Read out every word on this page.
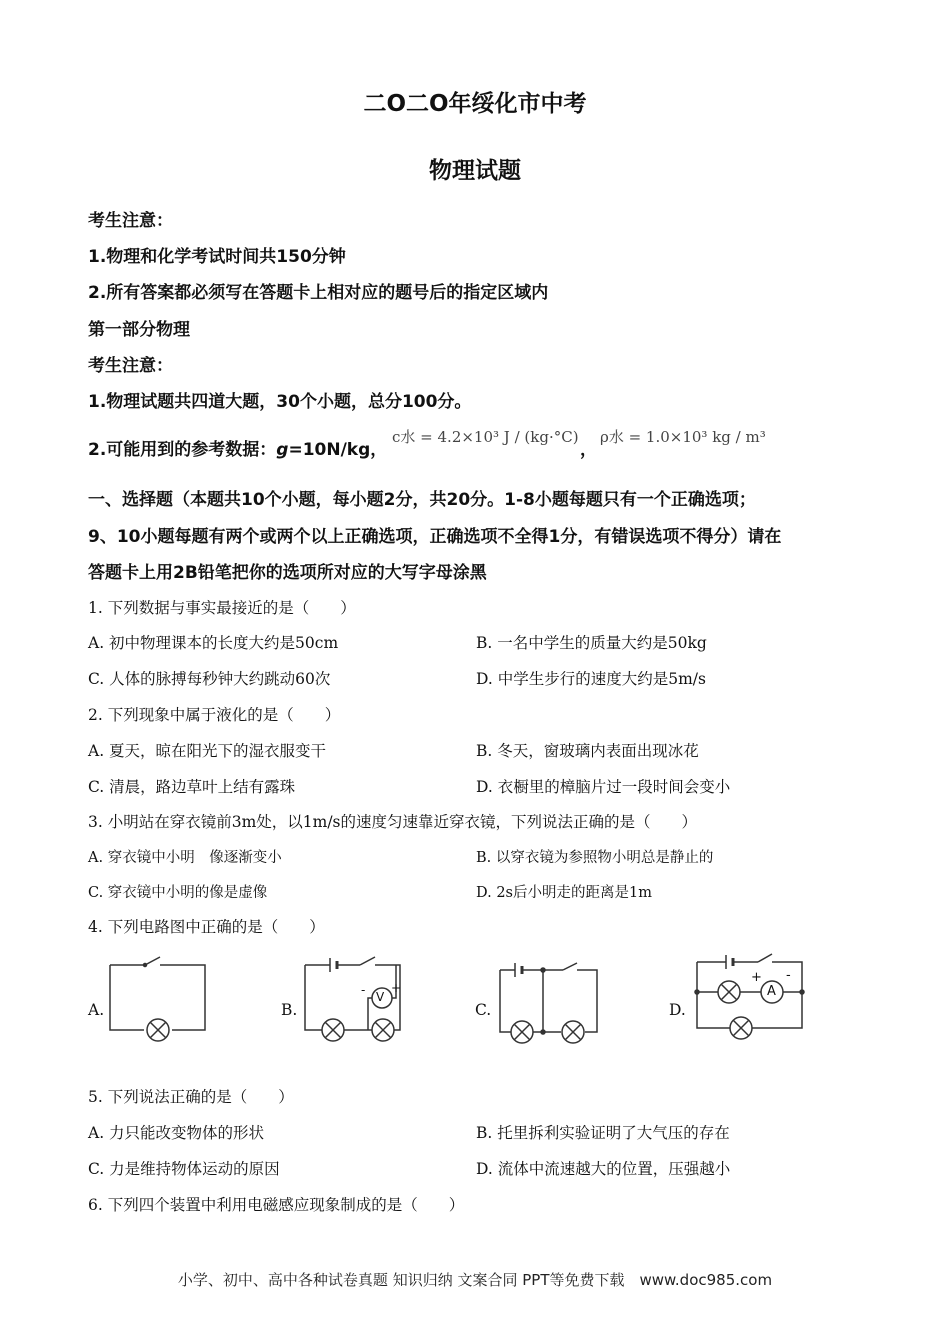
二O二O年绥化市中考
物理试题
考生注意：
1.物理和化学考试时间共150分钟
2.所有答案都必须写在答题卡上相对应的题号后的指定区域内
第一部分物理
考生注意：
1.物理试题共四道大题，30个小题，总分100分。
2.可能用到的参考数据：g=10N/kg，
c水 = 4.2×10³ J / (kg·°C)
，
ρ水 = 1.0×10³ kg / m³
一、选择题（本题共10个小题，每小题2分，共20分。1-8小题每题只有一个正确选项；
9、10小题每题有两个或两个以上正确选项，正确选项不全得1分，有错误选项不得分）请在
答题卡上用2B铅笔把你的选项所对应的大写字母涂黑
1. 下列数据与事实最接近的是（　　）
A. 初中物理课本的长度大约是50cm	B. 一名中学生的质量大约是50kg
C. 人体的脉搏每秒钟大约跳动60次	D. 中学生步行的速度大约是5m/s
2. 下列现象中属于液化的是（　　）
A. 夏天，晾在阳光下的湿衣服变干	B. 冬天，窗玻璃内表面出现冰花
C. 清晨，路边草叶上结有露珠	D. 衣橱里的樟脑片过一段时间会变小
3. 小明站在穿衣镜前3m处，以1m/s的速度匀速靠近穿衣镜，下列说法正确的是（　　）
A. 穿衣镜中小明　像逐渐变小	B. 以穿衣镜为参照物小明总是静止的
C. 穿衣镜中小明的像是虚像	D. 2s后小明走的距离是1m
4. 下列电路图中正确的是（　　）
A.	B.	C.	D.
V
- +	A
+ -
5. 下列说法正确的是（　　）
A. 力只能改变物体的形状	B. 托里拆利实验证明了大气压的存在
C. 力是维持物体运动的原因	D. 流体中流速越大的位置，压强越小
6. 下列四个装置中利用电磁感应现象制成的是（　　）
小学、初中、高中各种试卷真题 知识归纳 文案合同 PPT等免费下载　www.doc985.com
